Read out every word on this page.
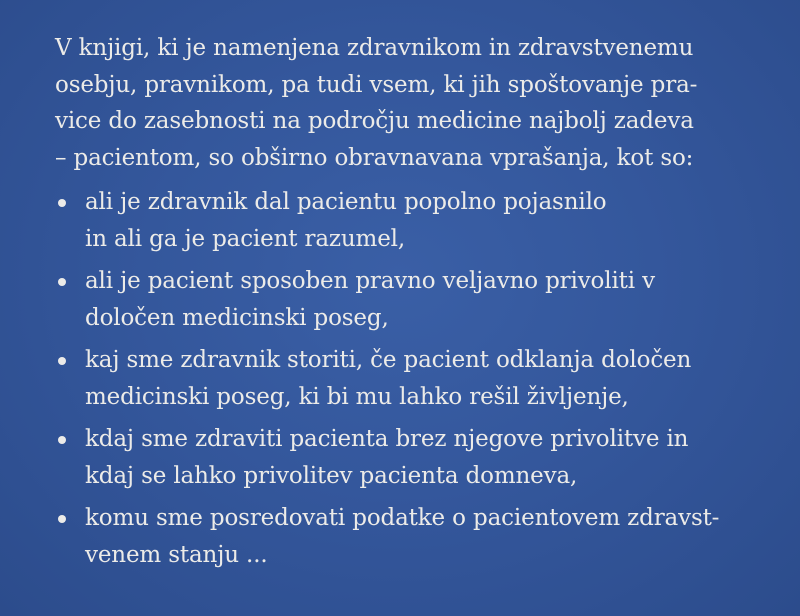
V knjigi, ki je namenjena zdravnikom in zdravstvenemu
osebju, pravnikom, pa tudi vsem, ki jih spoštovanje pra-
vice do zasebnosti na področju medicine najbolj zadeva
– pacientom, so obširno obravnavana vprašanja, kot so:

ali je zdravnik dal pacientu popolno pojasnilo
in ali ga je pacient razumel,
ali je pacient sposoben pravno veljavno privoliti v
določen medicinski poseg,
kaj sme zdravnik storiti, če pacient odklanja določen
medicinski poseg, ki bi mu lahko rešil življenje,
kdaj sme zdraviti pacienta brez njegove privolitve in
kdaj se lahko privolitev pacienta domneva,
komu sme posredovati podatke o pacientovem zdravst-
venem stanju ...
